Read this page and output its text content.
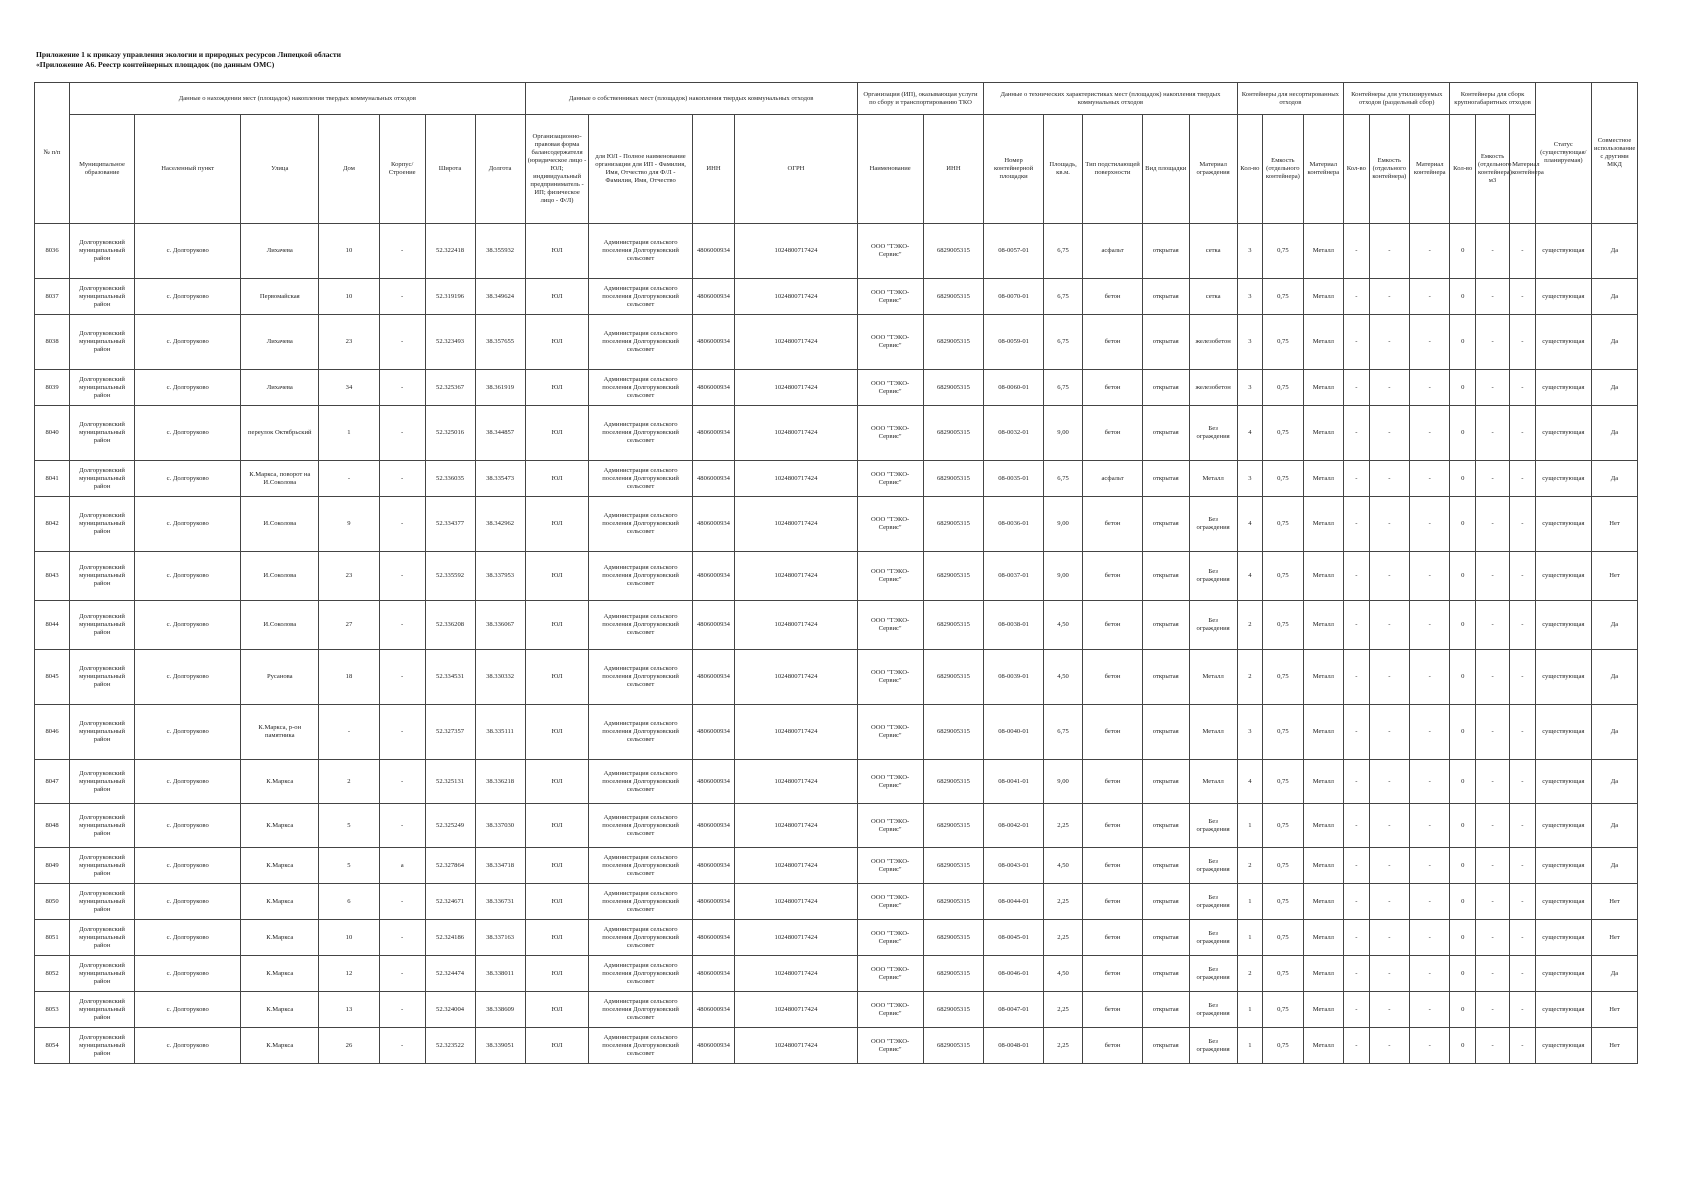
Приложение 1 к приказу управления экологии и природных ресурсов Липецкой области
«Приложение А6. Реестр контейнерных площадок (по данным ОМС)
№ п/п	Данные о нахождении мест (площадок) накопления твердых коммунальных отходов							Данные о собственниках мест (площадок) накопления твердых коммунальных отходов				Организация (ИП), оказывающая услуги по сбору и транспортированию ТКО		Данные о технических характеристиках мест (площадок) накопления твердых коммунальных отходов					Контейнеры для несортированных отходов			Контейнеры для утилизируемых отходов (раздельный сбор)			Контейнеры для сборк крупногабаритных отходов			Статус (существующая/ планируемая)	Совместное использование с другими МКД
	Муниципальное образование	Населенный пункт	Улица	Дом	Корпус/Строение	Широта	Долгота	Организационно-правовая форма балансодержателя (юридическое лицо - ЮЛ; индивидуальный предприниматель - ИП; физическое лицо - Ф/Л)	для ЮЛ - Полное наименование организации для ИП - Фамилия, Имя, Отчество для Ф/Л - Фамилия, Имя, Отчество	ИНН	ОГРН	Наименование	ИНН	Номер контейнерной площадки	Площадь, кв.м.	Тип подстилающей поверхности	Вид площадки	Материал ограждения	Кол-во	Емкость (отдельного контейнера)	Материал контейнера	Кол-во	Емкость (отдельного контейнера)	Материал контейнера	Кол-во	Емкость (отдельного контейнера) м3	Материал контейнера		
8036	Долгоруковский муниципальный район	с. Долгоруково	Лихачева	10	-	52.322418	38.355932	ЮЛ	Администрация сельского поселения Долгоруковский сельсовет	4806000934	1024800717424	ООО "ТЭКО-Сервис"	6829005315	08-0057-01	6,75	асфальт	открытая	сетка	3	0,75	Металл	-	-	-	0	-	-	существующая	Да
8037	Долгоруковский муниципальный район	с. Долгоруково	Первомайская	10	-	52.319196	38.349624	ЮЛ	Администрация сельского поселения Долгоруковский сельсовет	4806000934	1024800717424	ООО "ТЭКО-Сервис"	6829005315	08-0070-01	6,75	бетон	открытая	сетка	3	0,75	Металл	-	-	-	0	-	-	существующая	Да
8038	Долгоруковский муниципальный район	с. Долгоруково	Лихачева	23	-	52.323493	38.357655	ЮЛ	Администрация сельского поселения Долгоруковский сельсовет	4806000934	1024800717424	ООО "ТЭКО-Сервис"	6829005315	08-0059-01	6,75	бетон	открытая	железобетон	3	0,75	Металл	-	-	-	0	-	-	существующая	Да
8039	Долгоруковский муниципальный район	с. Долгоруково	Лихачева	34	-	52.325367	38.361919	ЮЛ	Администрация сельского поселения Долгоруковский сельсовет	4806000934	1024800717424	ООО "ТЭКО-Сервис"	6829005315	08-0060-01	6,75	бетон	открытая	железобетон	3	0,75	Металл	-	-	-	0	-	-	существующая	Да
8040	Долгоруковский муниципальный район	с. Долгоруково	переулок Октябрьский	1	-	52.325016	38.344857	ЮЛ	Администрация сельского поселения Долгоруковский сельсовет	4806000934	1024800717424	ООО "ТЭКО-Сервис"	6829005315	08-0032-01	9,00	бетон	открытая	Без ограждения	4	0,75	Металл	-	-	-	0	-	-	существующая	Да
8041	Долгоруковский муниципальный район	с. Долгоруково	К.Маркса, поворот на И.Соколова	-	-	52.336035	38.335473	ЮЛ	Администрация сельского поселения Долгоруковский сельсовет	4806000934	1024800717424	ООО "ТЭКО-Сервис"	6829005315	08-0035-01	6,75	асфальт	открытая	Металл	3	0,75	Металл	-	-	-	0	-	-	существующая	Да
8042	Долгоруковский муниципальный район	с. Долгоруково	И.Соколова	9	-	52.334377	38.342962	ЮЛ	Администрация сельского поселения Долгоруковский сельсовет	4806000934	1024800717424	ООО "ТЭКО-Сервис"	6829005315	08-0036-01	9,00	бетон	открытая	Без ограждения	4	0,75	Металл	-	-	-	0	-	-	существующая	Нет
8043	Долгоруковский муниципальный район	с. Долгоруково	И.Соколова	23	-	52.335592	38.337953	ЮЛ	Администрация сельского поселения Долгоруковский сельсовет	4806000934	1024800717424	ООО "ТЭКО-Сервис"	6829005315	08-0037-01	9,00	бетон	открытая	Без ограждения	4	0,75	Металл	-	-	-	0	-	-	существующая	Нет
8044	Долгоруковский муниципальный район	с. Долгоруково	И.Соколова	27	-	52.336208	38.336067	ЮЛ	Администрация сельского поселения Долгоруковский сельсовет	4806000934	1024800717424	ООО "ТЭКО-Сервис"	6829005315	08-0038-01	4,50	бетон	открытая	Без ограждения	2	0,75	Металл	-	-	-	0	-	-	существующая	Да
8045	Долгоруковский муниципальный район	с. Долгоруково	Русанова	18	-	52.334531	38.330332	ЮЛ	Администрация сельского поселения Долгоруковский сельсовет	4806000934	1024800717424	ООО "ТЭКО-Сервис"	6829005315	08-0039-01	4,50	бетон	открытая	Металл	2	0,75	Металл	-	-	-	0	-	-	существующая	Да
8046	Долгоруковский муниципальный район	с. Долгоруково	К.Маркса, р-он памятника	-	-	52.327357	38.335111	ЮЛ	Администрация сельского поселения Долгоруковский сельсовет	4806000934	1024800717424	ООО "ТЭКО-Сервис"	6829005315	08-0040-01	6,75	бетон	открытая	Металл	3	0,75	Металл	-	-	-	0	-	-	существующая	Да
8047	Долгоруковский муниципальный район	с. Долгоруково	К.Маркса	2	-	52.325131	38.336218	ЮЛ	Администрация сельского поселения Долгоруковский сельсовет	4806000934	1024800717424	ООО "ТЭКО-Сервис"	6829005315	08-0041-01	9,00	бетон	открытая	Металл	4	0,75	Металл	-	-	-	0	-	-	существующая	Да
8048	Долгоруковский муниципальный район	с. Долгоруково	К.Маркса	5	-	52.325249	38.337030	ЮЛ	Администрация сельского поселения Долгоруковский сельсовет	4806000934	1024800717424	ООО "ТЭКО-Сервис"	6829005315	08-0042-01	2,25	бетон	открытая	Без ограждения	1	0,75	Металл	-	-	-	0	-	-	существующая	Да
8049	Долгоруковский муниципальный район	с. Долгоруково	К.Маркса	5	а	52.327864	38.334718	ЮЛ	Администрация сельского поселения Долгоруковский сельсовет	4806000934	1024800717424	ООО "ТЭКО-Сервис"	6829005315	08-0043-01	4,50	бетон	открытая	Без ограждения	2	0,75	Металл	-	-	-	0	-	-	существующая	Да
8050	Долгоруковский муниципальный район	с. Долгоруково	К.Маркса	6	-	52.324671	38.336731	ЮЛ	Администрация сельского поселения Долгоруковский сельсовет	4806000934	1024800717424	ООО "ТЭКО-Сервис"	6829005315	08-0044-01	2,25	бетон	открытая	Без ограждения	1	0,75	Металл	-	-	-	0	-	-	существующая	Нет
8051	Долгоруковский муниципальный район	с. Долгоруково	К.Маркса	10	-	52.324186	38.337163	ЮЛ	Администрация сельского поселения Долгоруковский сельсовет	4806000934	1024800717424	ООО "ТЭКО-Сервис"	6829005315	08-0045-01	2,25	бетон	открытая	Без ограждения	1	0,75	Металл	-	-	-	0	-	-	существующая	Нет
8052	Долгоруковский муниципальный район	с. Долгоруково	К.Маркса	12	-	52.324474	38.338011	ЮЛ	Администрация сельского поселения Долгоруковский сельсовет	4806000934	1024800717424	ООО "ТЭКО-Сервис"	6829005315	08-0046-01	4,50	бетон	открытая	Без ограждения	2	0,75	Металл	-	-	-	0	-	-	существующая	Да
8053	Долгоруковский муниципальный район	с. Долгоруково	К.Маркса	13	-	52.324004	38.338609	ЮЛ	Администрация сельского поселения Долгоруковский сельсовет	4806000934	1024800717424	ООО "ТЭКО-Сервис"	6829005315	08-0047-01	2,25	бетон	открытая	Без ограждения	1	0,75	Металл	-	-	-	0	-	-	существующая	Нет
8054	Долгоруковский муниципальный район	с. Долгоруково	К.Маркса	26	-	52.323522	38.339051	ЮЛ	Администрация сельского поселения Долгоруковский сельсовет	4806000934	1024800717424	ООО "ТЭКО-Сервис"	6829005315	08-0048-01	2,25	бетон	открытая	Без ограждения	1	0,75	Металл	-	-	-	0	-	-	существующая	Нет
